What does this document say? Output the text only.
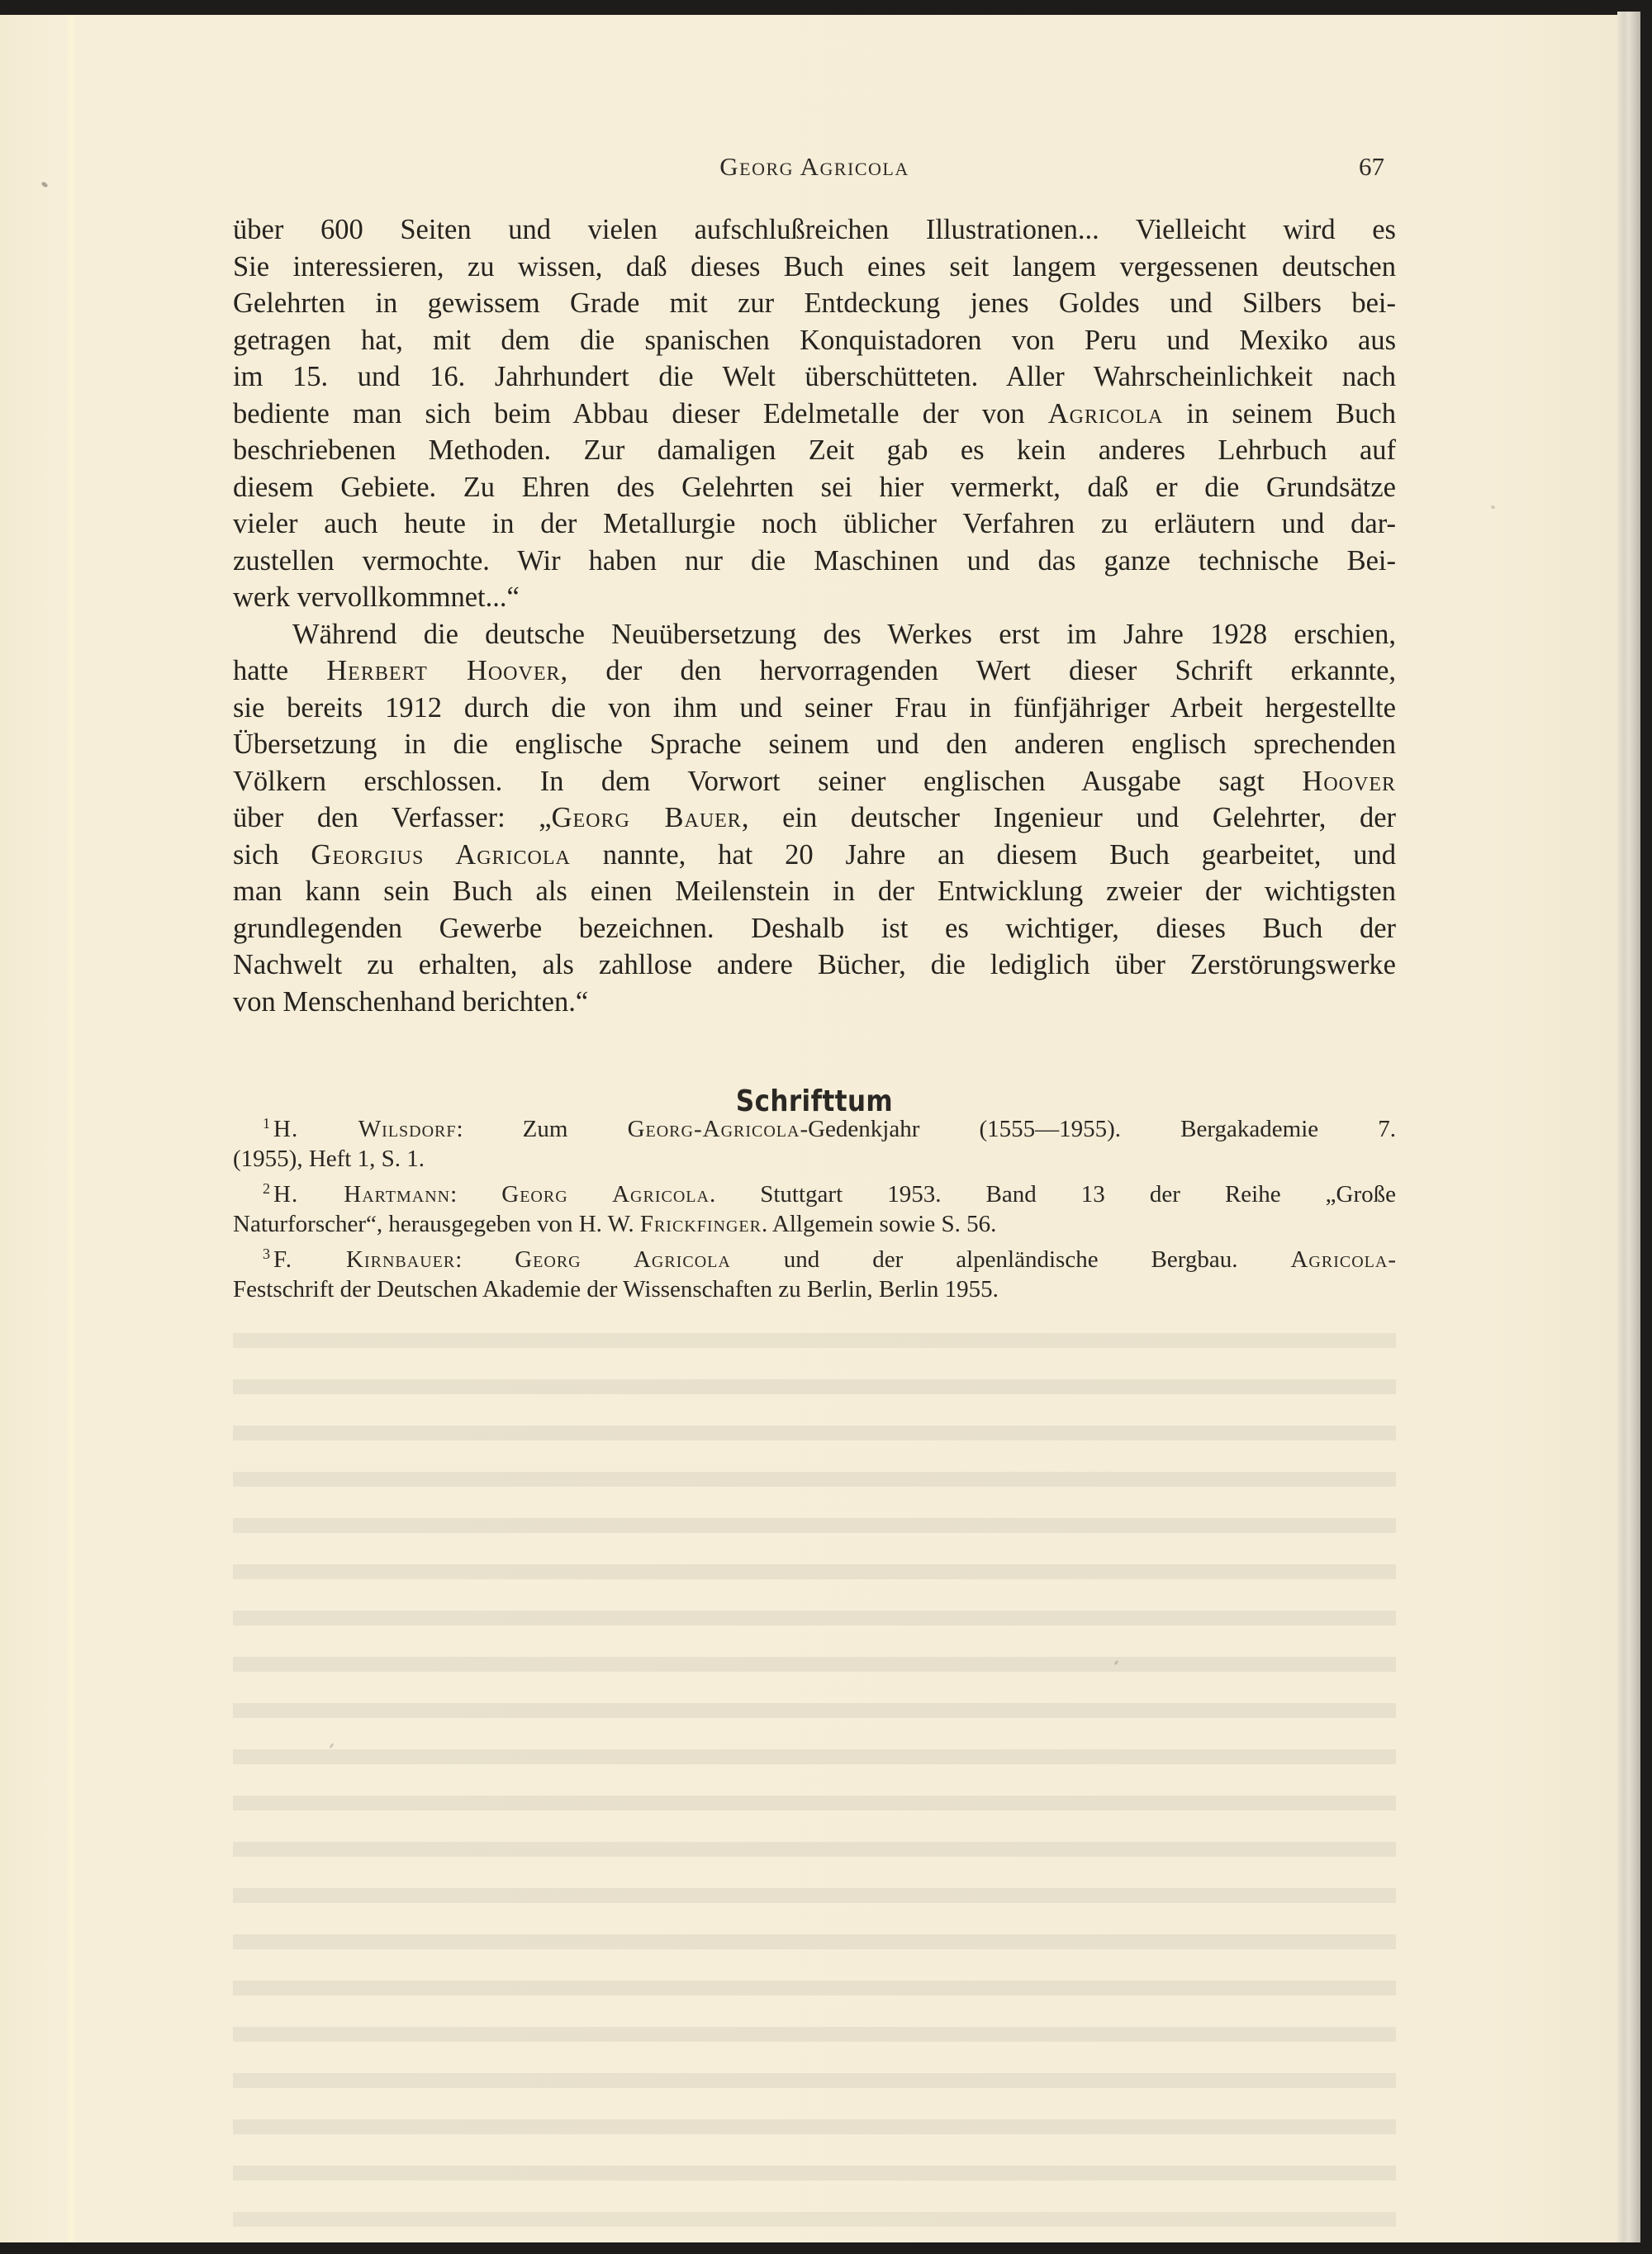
Georg Agricola	67

über 600 Seiten und vielen aufschlußreichen Illustrationen... Vielleicht wird es
Sie interessieren, zu wissen, daß dieses Buch eines seit langem vergessenen deutschen
Gelehrten in gewissem Grade mit zur Entdeckung jenes Goldes und Silbers bei-
getragen hat, mit dem die spanischen Konquistadoren von Peru und Mexiko aus
im 15. und 16. Jahrhundert die Welt überschütteten. Aller Wahrscheinlichkeit nach
bediente man sich beim Abbau dieser Edelmetalle der von Agricola in seinem Buch
beschriebenen Methoden. Zur damaligen Zeit gab es kein anderes Lehrbuch auf
diesem Gebiete. Zu Ehren des Gelehrten sei hier vermerkt, daß er die Grundsätze
vieler auch heute in der Metallurgie noch üblicher Verfahren zu erläutern und dar-
zustellen vermochte. Wir haben nur die Maschinen und das ganze technische Bei-
werk vervollkommnet...“

Während die deutsche Neuübersetzung des Werkes erst im Jahre 1928 erschien,
hatte Herbert Hoover, der den hervorragenden Wert dieser Schrift erkannte,
sie bereits 1912 durch die von ihm und seiner Frau in fünfjähriger Arbeit hergestellte
Übersetzung in die englische Sprache seinem und den anderen englisch sprechenden
Völkern erschlossen. In dem Vorwort seiner englischen Ausgabe sagt Hoover
über den Verfasser: „Georg Bauer, ein deutscher Ingenieur und Gelehrter, der
sich Georgius Agricola nannte, hat 20 Jahre an diesem Buch gearbeitet, und
man kann sein Buch als einen Meilenstein in der Entwicklung zweier der wichtigsten
grundlegenden Gewerbe bezeichnen. Deshalb ist es wichtiger, dieses Buch der
Nachwelt zu erhalten, als zahllose andere Bücher, die lediglich über Zerstörungswerke
von Menschenhand berichten.“

Schrifttum
$^1$ H. Wilsdorf: Zum Georg-Agricola-Gedenkjahr (1555—1955). Bergakademie 7.
(1955), Heft 1, S. 1.
$^2$ H. Hartmann: Georg Agricola. Stuttgart 1953. Band 13 der Reihe „Große
Naturforscher“, herausgegeben von H. W. Frickfinger. Allgemein sowie S. 56.
$^3$ F. Kirnbauer: Georg Agricola und der alpenländische Bergbau. Agricola-
Festschrift der Deutschen Akademie der Wissenschaften zu Berlin, Berlin 1955.
